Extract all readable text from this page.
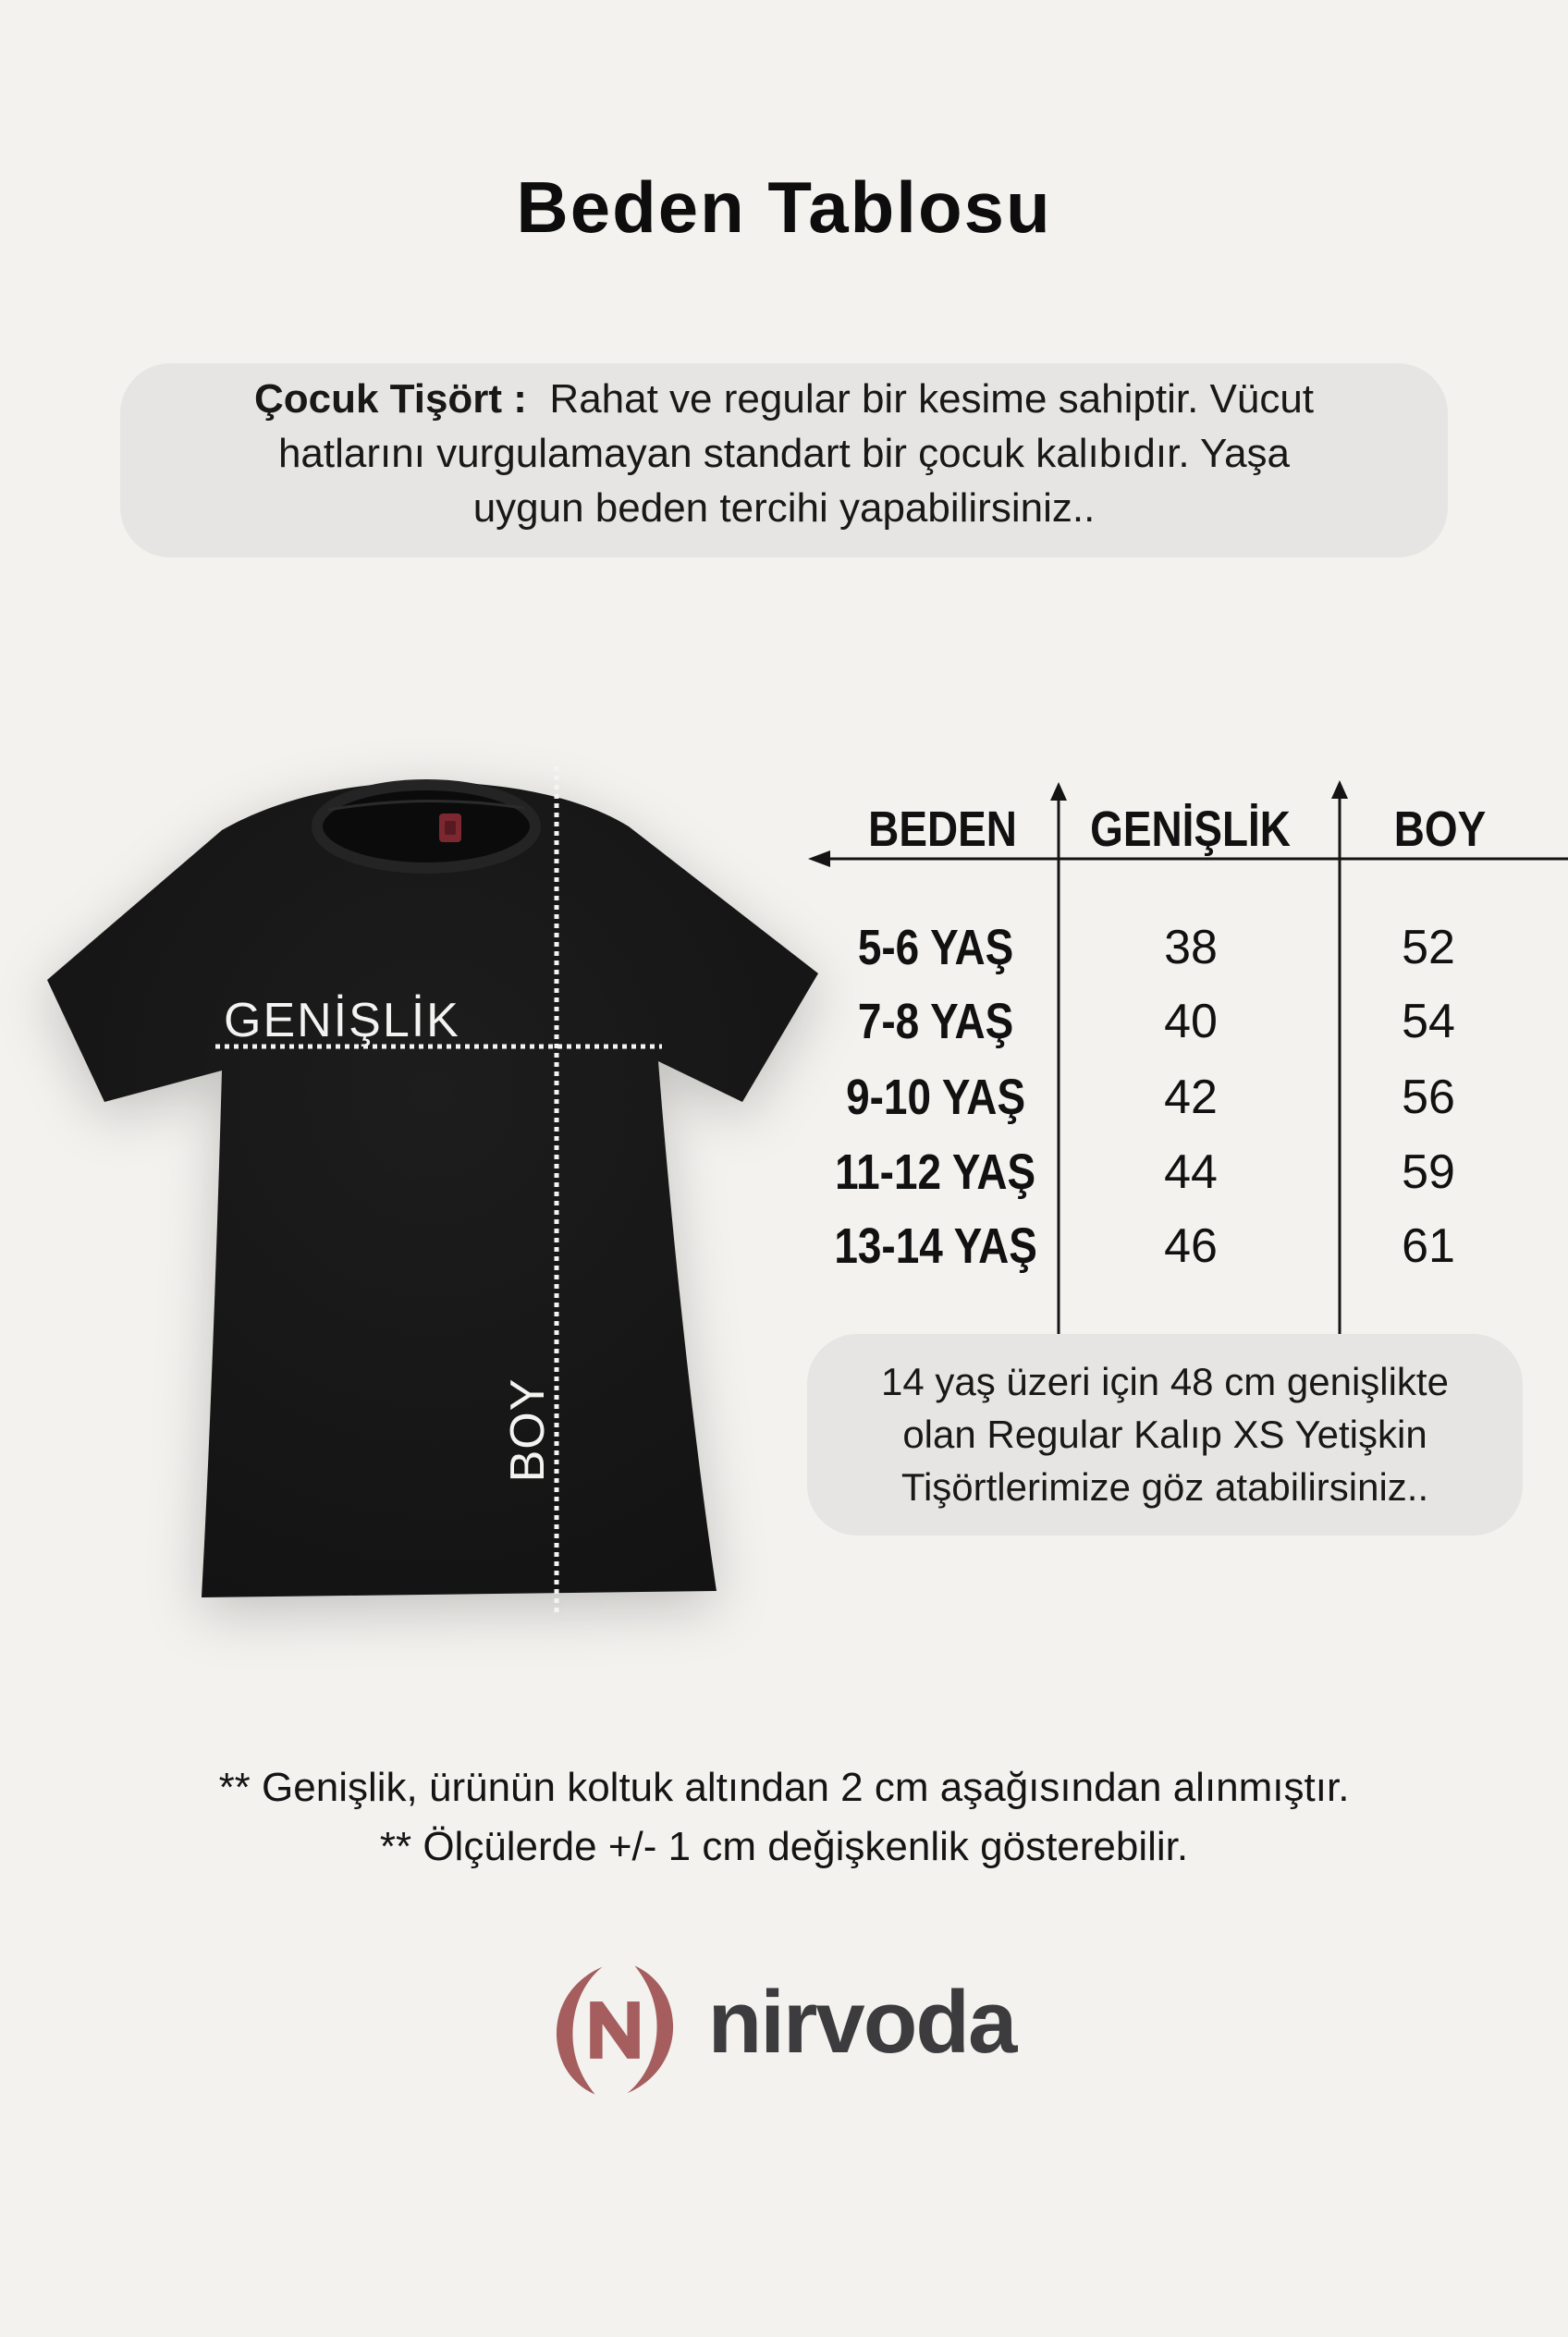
Beden Tablosu

Çocuk Tişört : Rahat ve regular bir kesime sahiptir. Vücut

hatlarını vurgulamayan standart bir çocuk kalıbıdır. Yaşa

uygun beden tercihi yapabilirsiniz..

GENİŞLİK
BOY
BEDEN GENİŞLİK BOY
5-6 YAŞ	38	52
7-8 YAŞ	40	54
9-10 YAŞ	42	56
11-12 YAŞ	44	59
13-14 YAŞ	46	61

14 yaş üzeri için 48 cm genişlikte

olan Regular Kalıp XS Yetişkin

Tişörtlerimize göz atabilirsiniz..

** Genişlik, ürünün koltuk altından 2 cm aşağısından alınmıştır.

** Ölçülerde +/- 1 cm değişkenlik gösterebilir.

nirvoda
